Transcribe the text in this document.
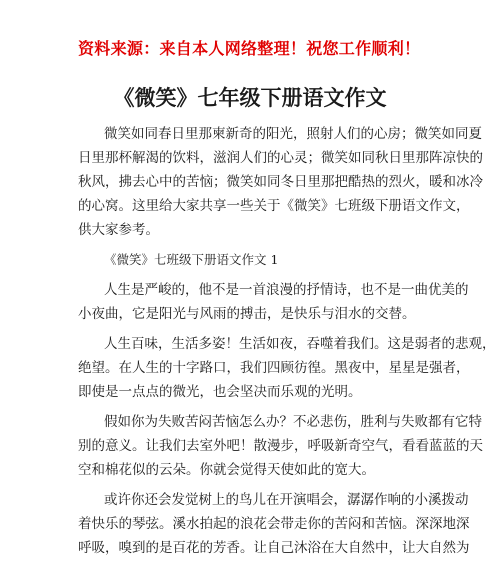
资料来源：来自本人网络整理！祝您工作顺利！
《微笑》七年级下册语文作文
微笑如同春日里那柬新奇的阳光，照射人们的心房；微笑如同夏
日里那杯解渴的饮料，滋润人们的心灵；微笑如同秋日里那阵凉快的
秋风，拂去心中的苦恼；微笑如同冬日里那把酷热的烈火，暖和冰冷
的心窝。这里给大家共享一些关于《微笑》七班级下册语文作文，
供大家参考。
《微笑》七班级下册语文作文 1
人生是严峻的，他不是一首浪漫的抒情诗，也不是一曲优美的
小夜曲，它是阳光与风雨的搏击，是快乐与泪水的交替。
人生百味，生活多姿！生活如夜，吞噬着我们。这是弱者的悲观，
绝望。在人生的十字路口，我们四顾彷徨。黑夜中，星星是强者，
即使是一点点的微光，也会坚决而乐观的光明。
假如你为失败苦闷苦恼怎么办？不必悲伤，胜利与失败都有它特
别的意义。让我们去室外吧！散漫步，呼吸新奇空气，看看蓝蓝的天
空和棉花似的云朵。你就会觉得天使如此的宽大。
或许你还会发觉树上的鸟儿在开演唱会，潺潺作响的小溪拨动
着快乐的琴弦。溪水拍起的浪花会带走你的苦闷和苦恼。深深地深
呼吸，嗅到的是百花的芳香。让自己沐浴在大自然中，让大自然为
